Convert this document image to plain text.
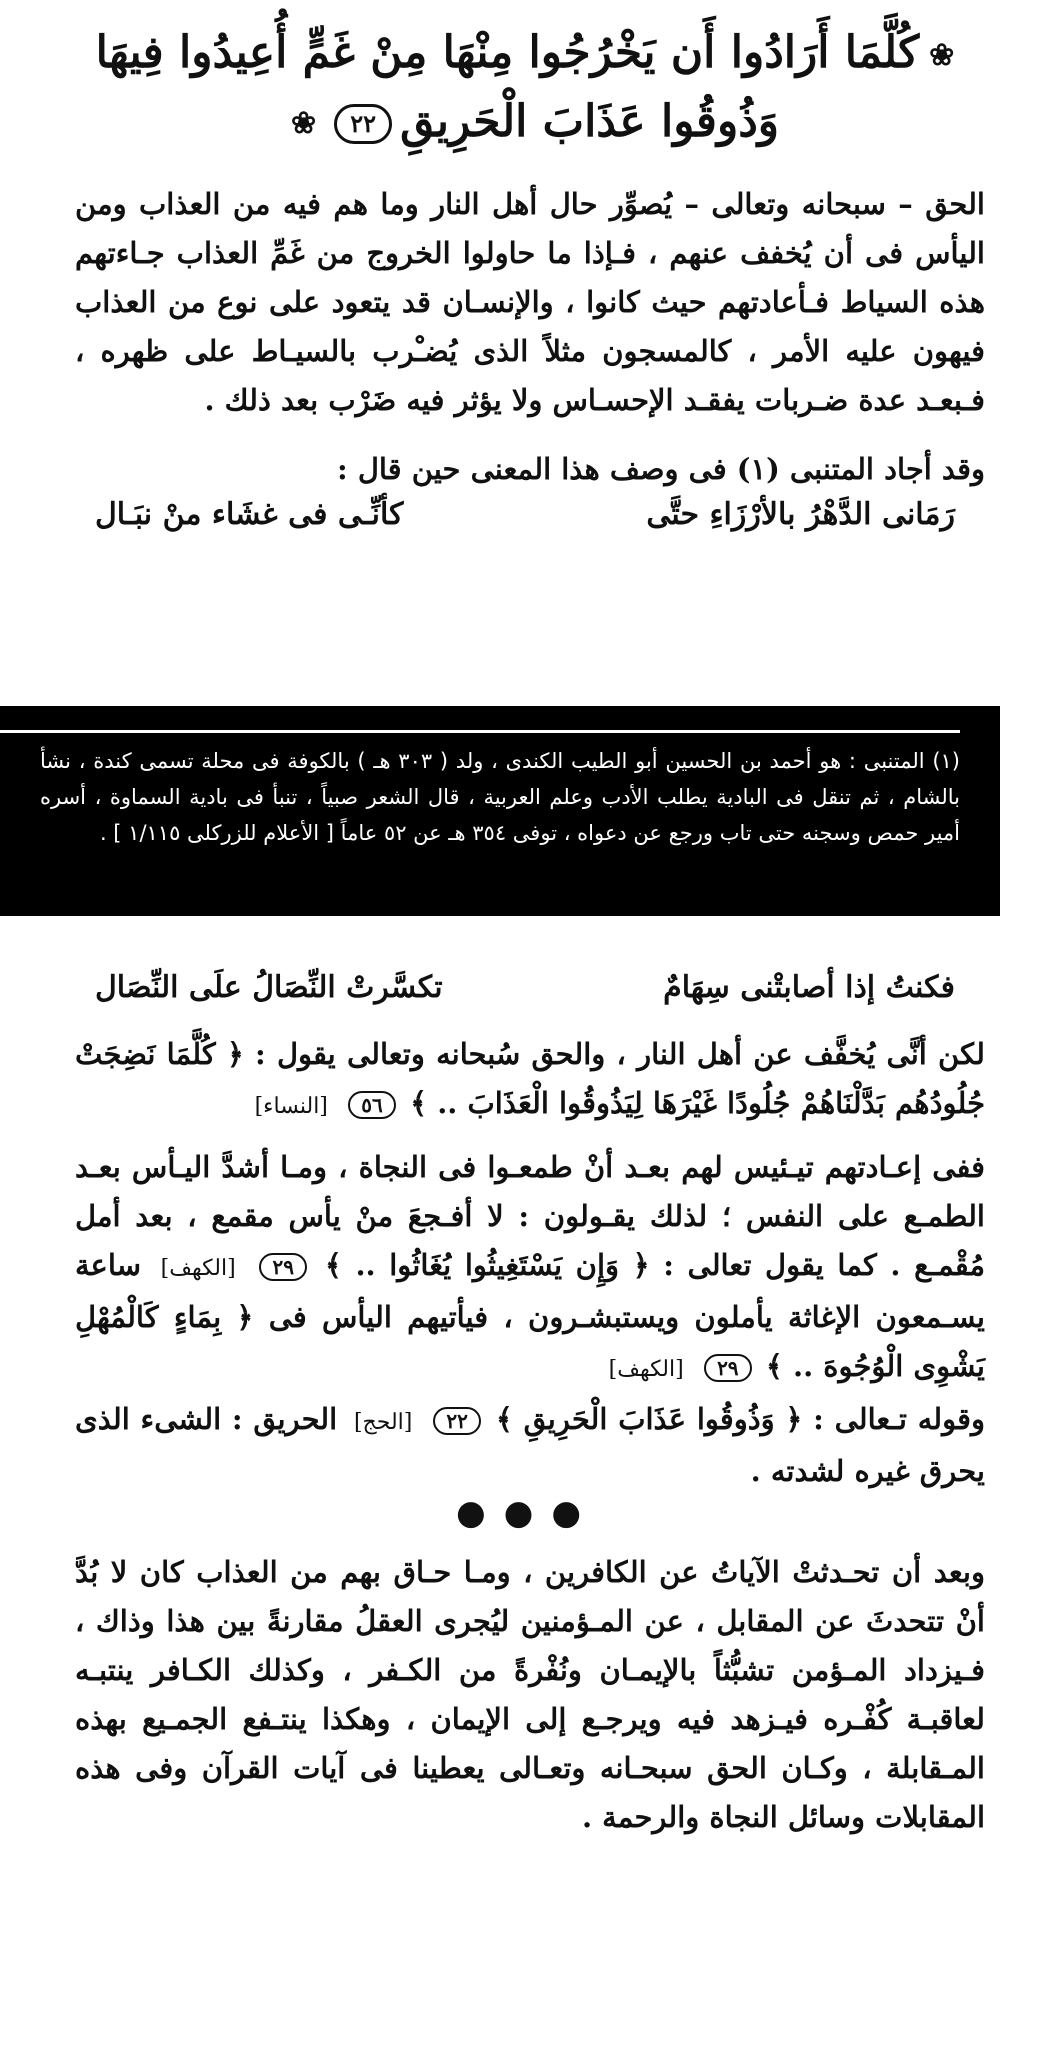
❀كُلَّمَا أَرَادُوا أَن يَخْرُجُوا مِنْهَا مِنْ غَمٍّ أُعِيدُوا فِيهَا
وَذُوقُوا عَذَابَ الْحَرِيقِ٢٢❀
الحق – سبحانه وتعالى – يُصوِّر حال أهل النار وما هم فيه من العذاب ومن اليأس فى أن يُخفف عنهم ، فـإذا ما حاولوا الخروج من غَمِّ العذاب جـاءتهم هذه السياط فـأعادتهم حيث كانوا ، والإنسـان قد يتعود على نوع من العذاب فيهون عليه الأمر ، كالمسجون مثلاً الذى يُضـْرب بالسيـاط على ظهره ، فـبعـد عدة ضـربات يفقـد الإحسـاس ولا يؤثر فيه ضَرْب بعد ذلك .
وقد أجاد المتنبى (١) فى وصف هذا المعنى حين قال :
رَمَانى الدَّهْرُ بالأرْزَاءِ حتَّى
كأنِّـى فى غشَاء منْ نبَـال
(١) المتنبى : هو أحمد بن الحسين أبو الطيب الكندى ، ولد ( ٣٠٣ هـ ) بالكوفة فى محلة تسمى كندة ، نشأ بالشام ، ثم تنقل فى البادية يطلب الأدب وعلم العربية ، قال الشعر صبياً ، تنبأ فى بادية السماوة ، أسره أمير حمص وسجنه حتى تاب ورجع عن دعواه ، توفى ٣٥٤ هـ عن ٥٢ عاماً [ الأعلام للزركلى ١/١١٥ ] .
فكنتُ إذا أصابتْنى سِهَامٌ
تكسَّرتْ النِّصَالُ علَى النِّصَال
لكن أنَّى يُخفَّف عن أهل النار ، والحق سُبحانه وتعالى يقول : ﴿ كُلَّمَا نَضِجَتْ جُلُودُهُم بَدَّلْنَاهُمْ جُلُودًا غَيْرَهَا لِيَذُوقُوا الْعَذَابَ .. ﴾ ٥٦ [النساء]
ففى إعـادتهم تيـئيس لهم بعـد أنْ طمعـوا فى النجاة ، ومـا أشدَّ اليـأس بعـد الطمـع على النفس ؛ لذلك يقـولون : لا أفـجعَ منْ يأس مقمع ، بعد أمل مُقْمـع . كما يقول تعالى : ﴿ وَإِن يَسْتَغِيثُوا يُغَاثُوا .. ﴾ ٢٩ [الكهف] ساعة يسـمعون الإغاثة يأملون ويستبشـرون ، فيأتيهم اليأس فى ﴿ بِمَاءٍ كَالْمُهْلِ يَشْوِى الْوُجُوهَ .. ﴾ ٢٩ [الكهف]
وقوله تـعالى : ﴿ وَذُوقُوا عَذَابَ الْحَرِيقِ ﴾ ٢٢ [الحج] الحريق : الشىء الذى يحرق غيره لشدته .
●●●
وبعد أن تحـدثتْ الآياتُ عن الكافرين ، ومـا حـاق بهم من العذاب كان لا بُدَّ أنْ تتحدثَ عن المقابل ، عن المـؤمنين ليُجرى العقلُ مقارنةً بين هذا وذاك ، فـيزداد المـؤمن تشبُّثاً بالإيمـان ونُفْرةً من الكـفر ، وكذلك الكـافر ينتبـه لعاقبـة كُفْـره فيـزهد فيه ويرجـع إلى الإيمان ، وهكذا ينتـفع الجمـيع بهذه المـقابلة ، وكـان الحق سبحـانه وتعـالى يعطينا فى آيات القرآن وفى هذه المقابلات وسائل النجاة والرحمة .
